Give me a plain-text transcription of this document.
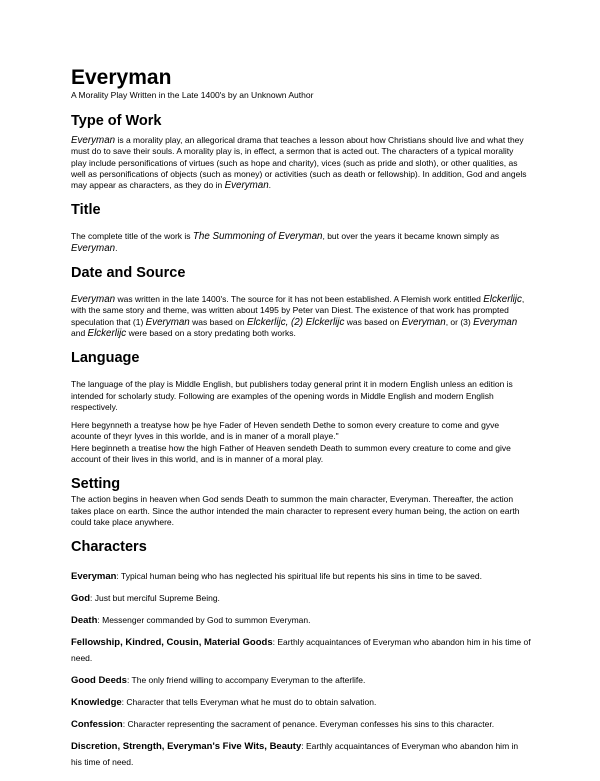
Everyman
A Morality Play Written in the Late 1400's by an Unknown Author
Type of Work

Everyman is a morality play, an allegorical drama that teaches a lesson about how Christians should live and what they must do to save their souls. A morality play is, in effect, a sermon that is acted out. The characters of a typical morality play include personifications of virtues (such as hope and charity), vices (such as pride and sloth), or other qualities, as well as personifications of objects (such as money) or activities (such as death or fellowship). In addition, God and angels may appear as characters, as they do in Everyman.

Title

The complete title of the work is The Summoning of Everyman, but over the years it became known simply as Everyman.

Date and Source

Everyman was written in the late 1400's. The source for it has not been established. A Flemish work entitled Elckerlijc, with the same story and theme, was written about 1495 by Peter van Diest. The existence of that work has prompted speculation that (1) Everyman was based on Elckerlijc, (2) Elckerlijc was based on Everyman, or (3) Everyman and Elckerlijc were based on a story predating both works.

Language

The language of the play is Middle English, but publishers today general print it in modern English unless an edition is intended for scholarly study. Following are examples of the opening words in Middle English and modern English respectively.

Here begynneth a treatyse how þe hye Fader of Heven sendeth Dethe to somon every creature to come and gyve acounte of theyr lyves in this worlde, and is in maner of a morall playe."

Here beginneth a treatise how the high Father of Heaven sendeth Death to summon every creature to come and give account of their lives in this world, and is in manner of a moral play.

Setting

The action begins in heaven when God sends Death to summon the main character, Everyman. Thereafter, the action takes place on earth. Since the author intended the main character to represent every human being, the action on earth could take place anywhere.

Characters

Everyman: Typical human being who has neglected his spiritual life but repents his sins in time to be saved.

God: Just but merciful Supreme Being.

Death: Messenger commanded by God to summon Everyman.

Fellowship, Kindred, Cousin, Material Goods: Earthly acquaintances of Everyman who abandon him in his time of need.

Good Deeds: The only friend willing to accompany Everyman to the afterlife.

Knowledge: Character that tells Everyman what he must do to obtain salvation.

Confession: Character representing the sacrament of penance. Everyman confesses his sins to this character.

Discretion, Strength, Everyman's Five Wits, Beauty: Earthly acquaintances of Everyman who abandon him in his time of need.
